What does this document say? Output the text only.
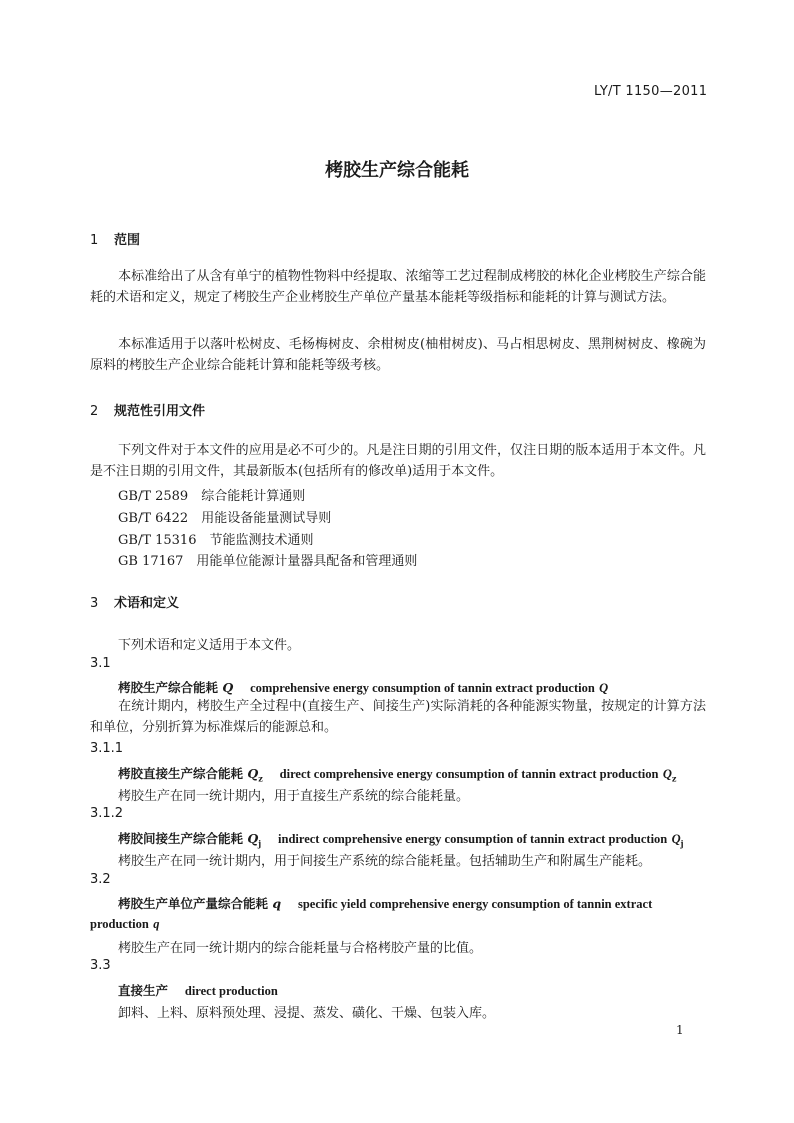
LY/T 1150—2011
栲胶生产综合能耗
1 范围
本标准给出了从含有单宁的植物性物料中经提取、浓缩等工艺过程制成栲胶的林化企业栲胶生产综合能耗的术语和定义，规定了栲胶生产企业栲胶生产单位产量基本能耗等级指标和能耗的计算与测试方法。
本标准适用于以落叶松树皮、毛杨梅树皮、余柑树皮(柚柑树皮)、马占相思树皮、黑荆树树皮、橡碗为原料的栲胶生产企业综合能耗计算和能耗等级考核。
2 规范性引用文件
下列文件对于本文件的应用是必不可少的。凡是注日期的引用文件，仅注日期的版本适用于本文件。凡是不注日期的引用文件，其最新版本(包括所有的修改单)适用于本文件。
GB/T 2589　综合能耗计算通则
GB/T 6422　用能设备能量测试导则
GB/T 15316　节能监测技术通则
GB 17167　用能单位能源计量器具配备和管理通则
3 术语和定义
下列术语和定义适用于本文件。
3.1
栲胶生产综合能耗 Q　 comprehensive energy consumption of tannin extract production Q
在统计期内，栲胶生产全过程中(直接生产、间接生产)实际消耗的各种能源实物量，按规定的计算方法和单位，分别折算为标准煤后的能源总和。
3.1.1
栲胶直接生产综合能耗 $Q_z$　 direct comprehensive energy consumption of tannin extract production $Q_z$
栲胶生产在同一统计期内，用于直接生产系统的综合能耗量。
3.1.2
栲胶间接生产综合能耗 $Q_j$　 indirect comprehensive energy consumption of tannin extract production $Q_j$
栲胶生产在同一统计期内，用于间接生产系统的综合能耗量。包括辅助生产和附属生产能耗。
3.2
栲胶生产单位产量综合能耗 q　 specific yield comprehensive energy consumption of tannin extract
production q
栲胶生产在同一统计期内的综合能耗量与合格栲胶产量的比值。
3.3
直接生产　 direct production
卸料、上料、原料预处理、浸提、蒸发、磺化、干燥、包装入库。
1
